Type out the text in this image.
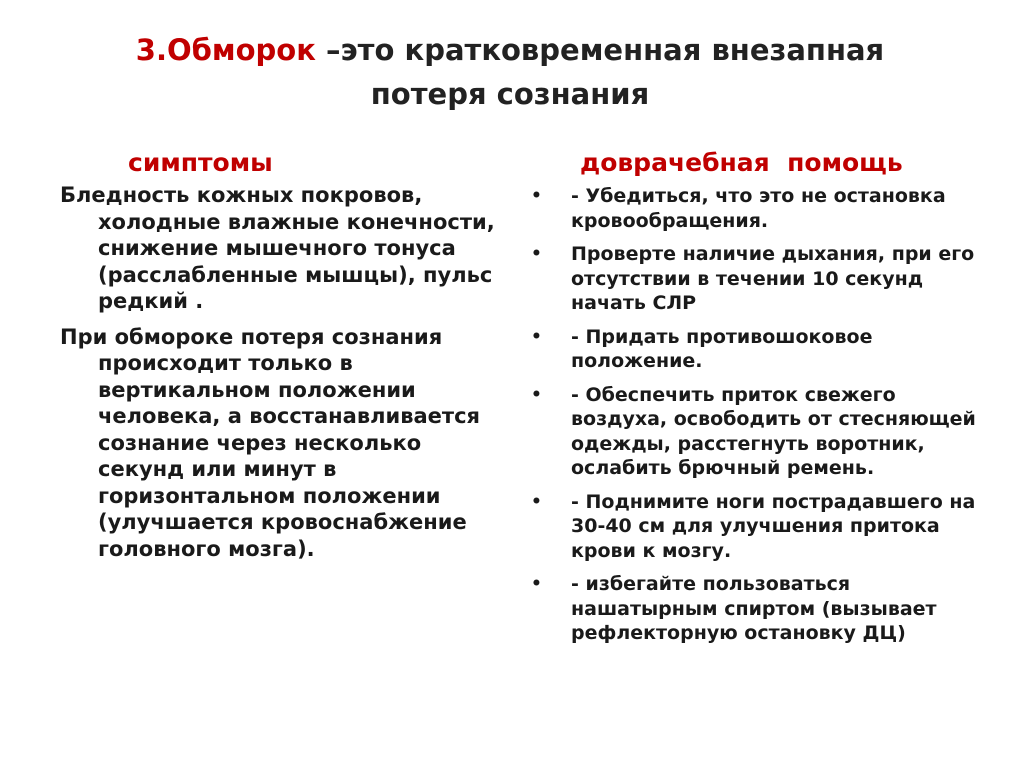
3.Обморок –это кратковременная внезапная
потеря сознания
симптомы	доврачебная  помощь

Бледность кожных покровов, холодные влажные конечности, снижение мышечного тонуса (расслабленные мышцы), пульс редкий .

При обмороке потеря сознания происходит только в вертикальном положении человека, а восстанавливается сознание через несколько секунд или минут в горизонтальном положении (улучшается кровоснабжение головного мозга).

• - Убедиться, что это не остановка кровообращения.
• Проверте наличие дыхания, при его отсутствии в течении 10 секунд начать СЛР
• - Придать противошоковое положение.
• - Обеспечить приток свежего воздуха, освободить от стесняющей одежды, расстегнуть воротник, ослабить брючный ремень.
• - Поднимите ноги пострадавшего на 30-40 см для улучшения притока крови к мозгу.
• - избегайте пользоваться нашатырным спиртом (вызывает рефлекторную остановку ДЦ)
